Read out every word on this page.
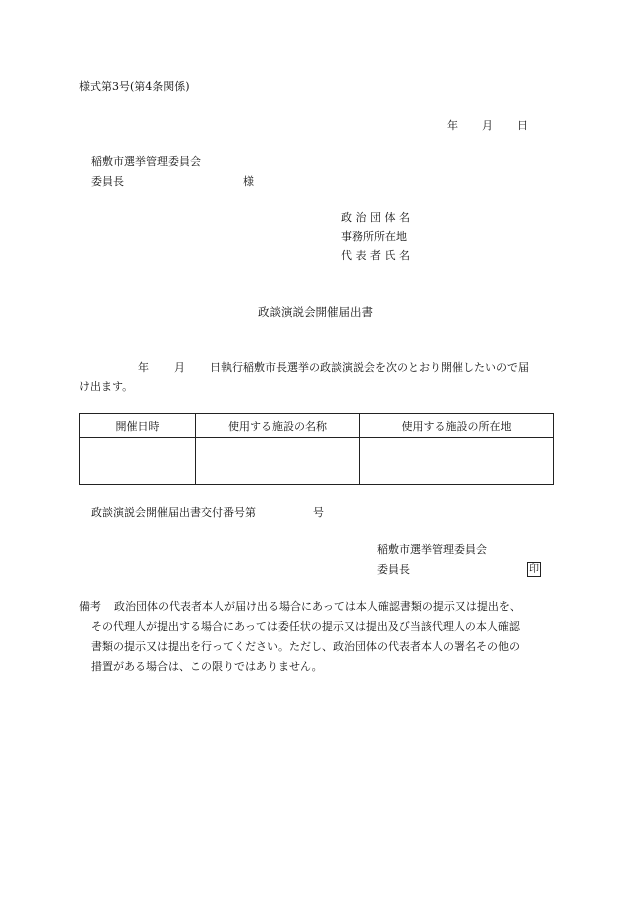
様式第3号(第4条関係)
年 月 日
稲敷市選挙管理委員会
委員長	様
政 治 団 体 名
事務所所在地
代 表 者 氏 名
政談演説会開催届出書
年 月 日執行稲敷市長選挙の政談演説会を次のとおり開催したいので届
け出ます。
開催日時	使用する施設の名称	使用する施設の所在地

政談演説会開催届出書交付番号第	号
稲敷市選挙管理委員会
委員長	印
備考 政治団体の代表者本人が届け出る場合にあっては本人確認書類の提示又は提出を、
その代理人が提出する場合にあっては委任状の提示又は提出及び当該代理人の本人確認
書類の提示又は提出を行ってください。ただし、政治団体の代表者本人の署名その他の
措置がある場合は、この限りではありません。
